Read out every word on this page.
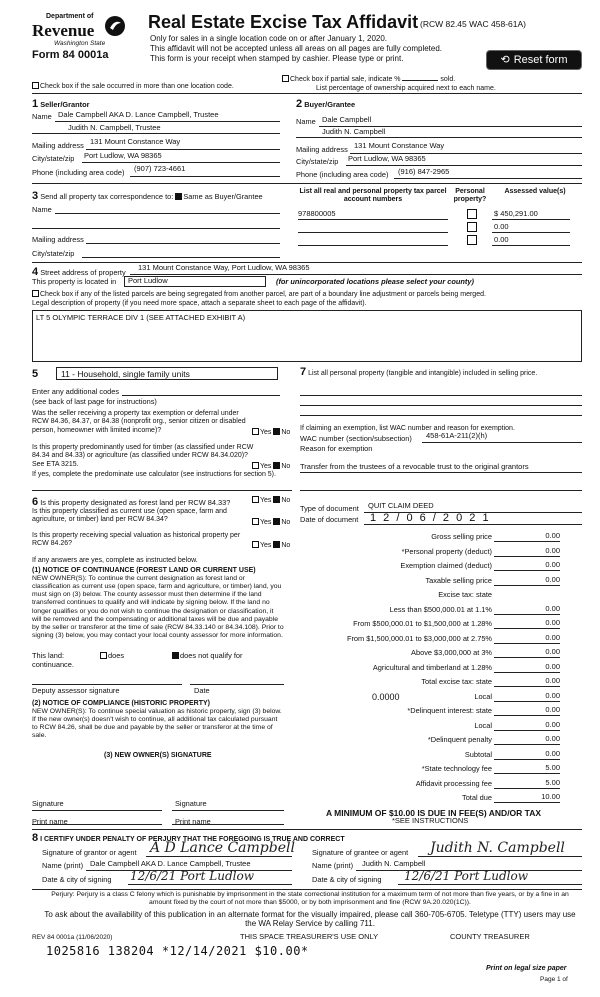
Department of
Revenue
Washington State
Form 84 0001a
Real Estate Excise Tax Affidavit (RCW 82.45 WAC 458-61A)
Only for sales in a single location code on or after January 1, 2020.
This affidavit will not be accepted unless all areas on all pages are fully completed.
This form is your receipt when stamped by cashier. Please type or print.	⟲ Reset form
Check box if the sale occurred in more than one location code.
Check box if partial sale, indicate %	sold.
List percentage of ownership acquired next to each name.
1 Seller/Grantor
Name Dale Campbell AKA D. Lance Campbell, Trustee
Judith N. Campbell, Trustee
Mailing address 131 Mount Constance Way
City/state/zip Port Ludlow, WA 98365
Phone (including area code) (907) 723-4661
2 Buyer/Grantee
Name Dale Campbell
Judith N. Campbell
Mailing address 131 Mount Constance Way
City/state/zip Port Ludlow, WA 98365
Phone (including area code) (916) 847-2965
3 Send all property tax correspondence to: Same as Buyer/Grantee
Name
Mailing address
City/state/zip
List all real and personal property tax parcel account numbers
Personal property?
Assessed value(s)
978800005	$ 450,291.00
0.00
0.00
4 Street address of property
131 Mount Constance Way, Port Ludlow, WA 98365
This property is located in	Port Ludlow	(for unincorporated locations please select your county)
Check box if any of the listed parcels are being segregated from another parcel, are part of a boundary line adjustment or parcels being merged.
Legal description of property (if you need more space, attach a separate sheet to each page of the affidavit).
LT 5 OLYMPIC TERRACE DIV 1 (SEE ATTACHED EXHIBIT A)
5	11 - Household, single family units
Enter any additional codes
(see back of last page for instructions)
Was the seller receiving a property tax exemption or deferral under RCW 84.36, 84.37, or 84.38 (nonprofit org., senior citizen or disabled person, homeowner with limited income)?	Yes No
Is this property predominantly used for timber (as classified under RCW 84.34 and 84.33) or agriculture (as classified under RCW 84.34.020)? See ETA 3215.	Yes No
If yes, complete the predominate use calculator (see instructions for section 5).
6 Is this property designated as forest land per RCW 84.33?	Yes No
Is this property classified as current use (open space, farm and agriculture, or timber) land per RCW 84.34?	Yes No
Is this property receiving special valuation as historical property per RCW 84.26?	Yes No
If any answers are yes, complete as instructed below.
(1) NOTICE OF CONTINUANCE (FOREST LAND OR CURRENT USE)
NEW OWNER(S): To continue the current designation as forest land or classification as current use (open space, farm and agriculture, or timber) land, you must sign on (3) below. The county assessor must then determine if the land transferred continues to qualify and will indicate by signing below. If the land no longer qualifies or you do not wish to continue the designation or classification, it will be removed and the compensating or additional taxes will be due and payable by the seller or transferor at the time of sale (RCW 84.33.140 or 84.34.108). Prior to signing (3) below, you may contact your local county assessor for more information.
This land:
continuance.
does	does not qualify for
Deputy assessor signature	Date
(2) NOTICE OF COMPLIANCE (HISTORIC PROPERTY)
NEW OWNER(S): To continue special valuation as historic property, sign (3) below. If the new owner(s) doesn't wish to continue, all additional tax calculated pursuant to RCW 84.26, shall be due and payable by the seller or transferor at the time of sale.
(3) NEW OWNER(S) SIGNATURE
Signature	Signature
Print name	Print name
7 List all personal property (tangible and intangible) included in selling price.
If claiming an exemption, list WAC number and reason for exemption.
WAC number (section/subsection) 458-61A-211(2)(h)
Reason for exemption
Transfer from the trustees of a revocable trust to the original grantors
Type of document QUIT CLAIM DEED
Date of document 1 2 / 0 6 / 2 0 2 1
Gross selling price	0.00
*Personal property (deduct)	0.00
Exemption claimed (deduct)	0.00
Taxable selling price	0.00
Excise tax: state
Less than $500,000.01 at 1.1%	0.00
From $500,000.01 to $1,500,000 at 1.28%	0.00
From $1,500,000.01 to $3,000,000 at 2.75%	0.00
Above $3,000,000 at 3%	0.00
Agricultural and timberland at 1.28%	0.00
Total excise tax: state	0.00
Local	0.00
0.0000
*Delinquent interest: state	0.00
Local	0.00
*Delinquent penalty	0.00
Subtotal	0.00
*State technology fee	5.00
Affidavit processing fee	5.00
Total due	10.00
A MINIMUM OF $10.00 IS DUE IN FEE(S) AND/OR TAX
*SEE INSTRUCTIONS
8 I CERTIFY UNDER PENALTY OF PERJURY THAT THE FOREGOING IS TRUE AND CORRECT
Signature of grantor or agent A D Lance Campbell
Name (print) Dale Campbell AKA D. Lance Campbell, Trustee
Date & city of signing 12/6/21 Port Ludlow
Signature of grantee or agent Judith N. Campbell
Name (print) Judith N. Campbell
Date & city of signing 12/6/21 Port Ludlow
Perjury: Perjury is a class C felony which is punishable by imprisonment in the state correctional institution for a maximum term of not more than five years, or by a fine in an amount fixed by the court of not more than $5000, or by both imprisonment and fine (RCW 9A.20.020(1C)).
To ask about the availability of this publication in an alternate format for the visually impaired, please call 360-705-6705. Teletype (TTY) users may use the WA Relay Service by calling 711.
REV 84 0001a (11/06/2020)	THIS SPACE TREASURER'S USE ONLY	COUNTY TREASURER
1025816 138204 *12/14/2021 $10.00*
Print on legal size paper
Page 1 of
